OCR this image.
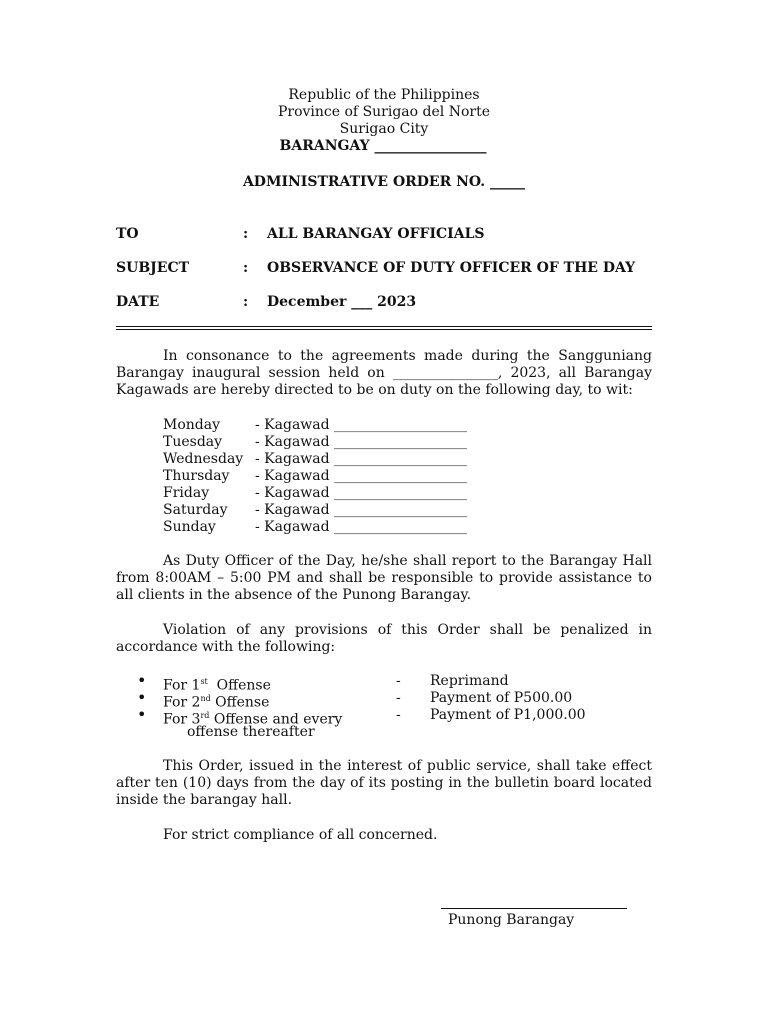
Republic of the Philippines
Province of Surigao del Norte
Surigao City
BARANGAY ________________
ADMINISTRATIVE ORDER NO. _____
TO	: ALL BARANGAY OFFICIALS
SUBJECT	: OBSERVANCE OF DUTY OFFICER OF THE DAY
DATE	: December ___ 2023
In consonance to the agreements made during the Sangguniang Barangay inaugural session held on _______________, 2023, all Barangay Kagawads are hereby directed to be on duty on the following day, to wit:
Monday	- Kagawad ___________________
Tuesday - Kagawad ___________________
Wednesday - Kagawad ___________________
Thursday - Kagawad ___________________
Friday	- Kagawad ___________________
Saturday - Kagawad ___________________
Sunday	- Kagawad ___________________
As Duty Officer of the Day, he/she shall report to the Barangay Hall from 8:00AM – 5:00 PM and shall be responsible to provide assistance to all clients in the absence of the Punong Barangay.
Violation of any provisions of this Order shall be penalized in accordance with the following:
• For 1st  Offense	- Reprimand
• For 2nd Offense	- Payment of P500.00
• For 3rd Offense and every	- Payment of P1,000.00
offense thereafter
This Order, issued in the interest of public service, shall take effect after ten (10) days from the day of its posting in the bulletin board located inside the barangay hall.
For strict compliance of all concerned.
Punong Barangay
